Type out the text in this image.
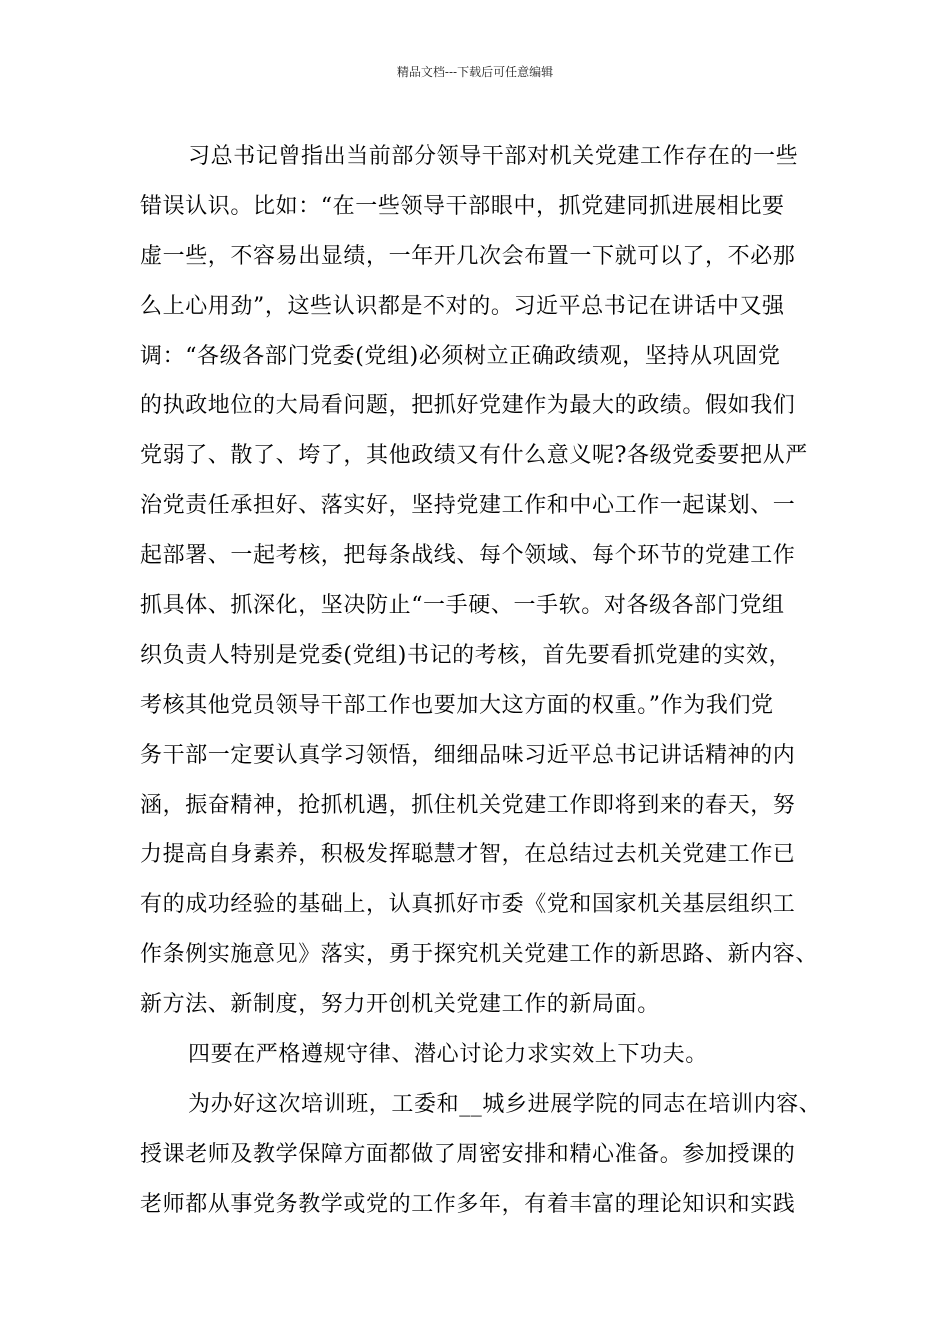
精品文档---下载后可任意编辑
习总书记曾指出当前部分领导干部对机关党建工作存在的一些
错误认识。比如：“在一些领导干部眼中，抓党建同抓进展相比要
虚一些，不容易出显绩，一年开几次会布置一下就可以了，不必那
么上心用劲”，这些认识都是不对的。习近平总书记在讲话中又强
调：“各级各部门党委(党组)必须树立正确政绩观，坚持从巩固党
的执政地位的大局看问题，把抓好党建作为最大的政绩。假如我们
党弱了、散了、垮了，其他政绩又有什么意义呢?各级党委要把从严
治党责任承担好、落实好，坚持党建工作和中心工作一起谋划、一
起部署、一起考核，把每条战线、每个领域、每个环节的党建工作
抓具体、抓深化，坚决防止“一手硬、一手软。对各级各部门党组
织负责人特别是党委(党组)书记的考核，首先要看抓党建的实效，
考核其他党员领导干部工作也要加大这方面的权重。”作为我们党
务干部一定要认真学习领悟，细细品味习近平总书记讲话精神的内
涵，振奋精神，抢抓机遇，抓住机关党建工作即将到来的春天，努
力提高自身素养，积极发挥聪慧才智，在总结过去机关党建工作已
有的成功经验的基础上，认真抓好市委《党和国家机关基层组织工
作条例实施意见》落实，勇于探究机关党建工作的新思路、新内容、
新方法、新制度，努力开创机关党建工作的新局面。
四要在严格遵规守律、潜心讨论力求实效上下功夫。
为办好这次培训班，工委和__城乡进展学院的同志在培训内容、
授课老师及教学保障方面都做了周密安排和精心准备。参加授课的
老师都从事党务教学或党的工作多年，有着丰富的理论知识和实践
